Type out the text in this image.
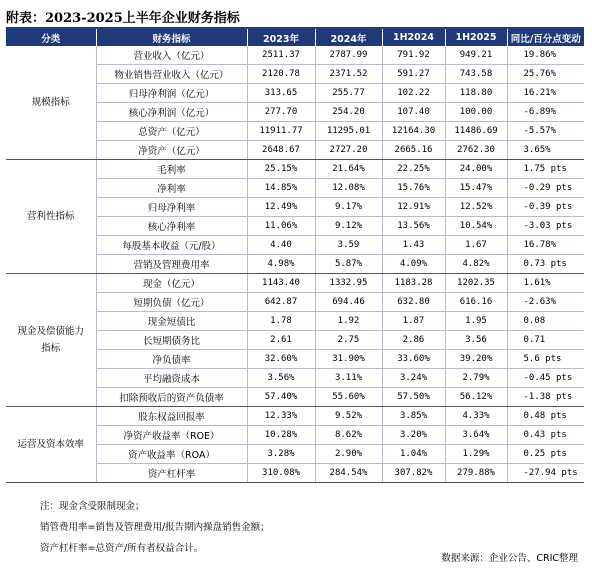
附表：2023-2025上半年企业财务指标
分类	财务指标	2023年	2024年	1H2024	1H2025	同比/百分点变动
规模指标	营业收入（亿元）	2511.37	2787.99	791.92	949.21	19.86%
	物业销售营业收入（亿元）	2120.78	2371.52	591.27	743.58	25.76%
	归母净利润（亿元）	313.65	255.77	102.22	118.80	16.21%
	核心净利润（亿元）	277.70	254.20	107.40	100.00	-6.89%
	总资产（亿元）	11911.77	11295.01	12164.30	11486.69	-5.57%
	净资产（亿元）	2648.67	2727.20	2665.16	2762.30	3.65%
营利性指标	毛利率	25.15%	21.64%	22.25%	24.00%	1.75 pts
	净利率	14.85%	12.08%	15.76%	15.47%	-0.29 pts
	归母净利率	12.49%	9.17%	12.91%	12.52%	-0.39 pts
	核心净利率	11.06%	9.12%	13.56%	10.54%	-3.03 pts
	每股基本收益（元/股）	4.40	3.59	1.43	1.67	16.78%
	营销及管理费用率	4.98%	5.87%	4.09%	4.82%	0.73 pts
现金及偿债能力指标	现金（亿元）	1143.40	1332.95	1183.28	1202.35	1.61%
	短期负债（亿元）	642.87	694.46	632.80	616.16	-2.63%
	现金短债比	1.78	1.92	1.87	1.95	0.08
	长短期债务比	2.61	2.75	2.86	3.56	0.71
	净负债率	32.60%	31.90%	33.60%	39.20%	5.6 pts
	平均融资成本	3.56%	3.11%	3.24%	2.79%	-0.45 pts
	扣除预收后的资产负债率	57.40%	55.60%	57.50%	56.12%	-1.38 pts
运营及资本效率	股东权益回报率	12.33%	9.52%	3.85%	4.33%	0.48 pts
	净资产收益率（ROE）	10.28%	8.62%	3.20%	3.64%	0.43 pts
	资产收益率（ROA）	3.28%	2.90%	1.04%	1.29%	0.25 pts
	资产杠杆率	310.08%	284.54%	307.82%	279.88%	-27.94 pts
注：现金含受限制现金；
销管费用率=销售及管理费用/报告期内操盘销售金额；
资产杠杆率=总资产/所有者权益合计。
数据来源：企业公告、CRIC整理
